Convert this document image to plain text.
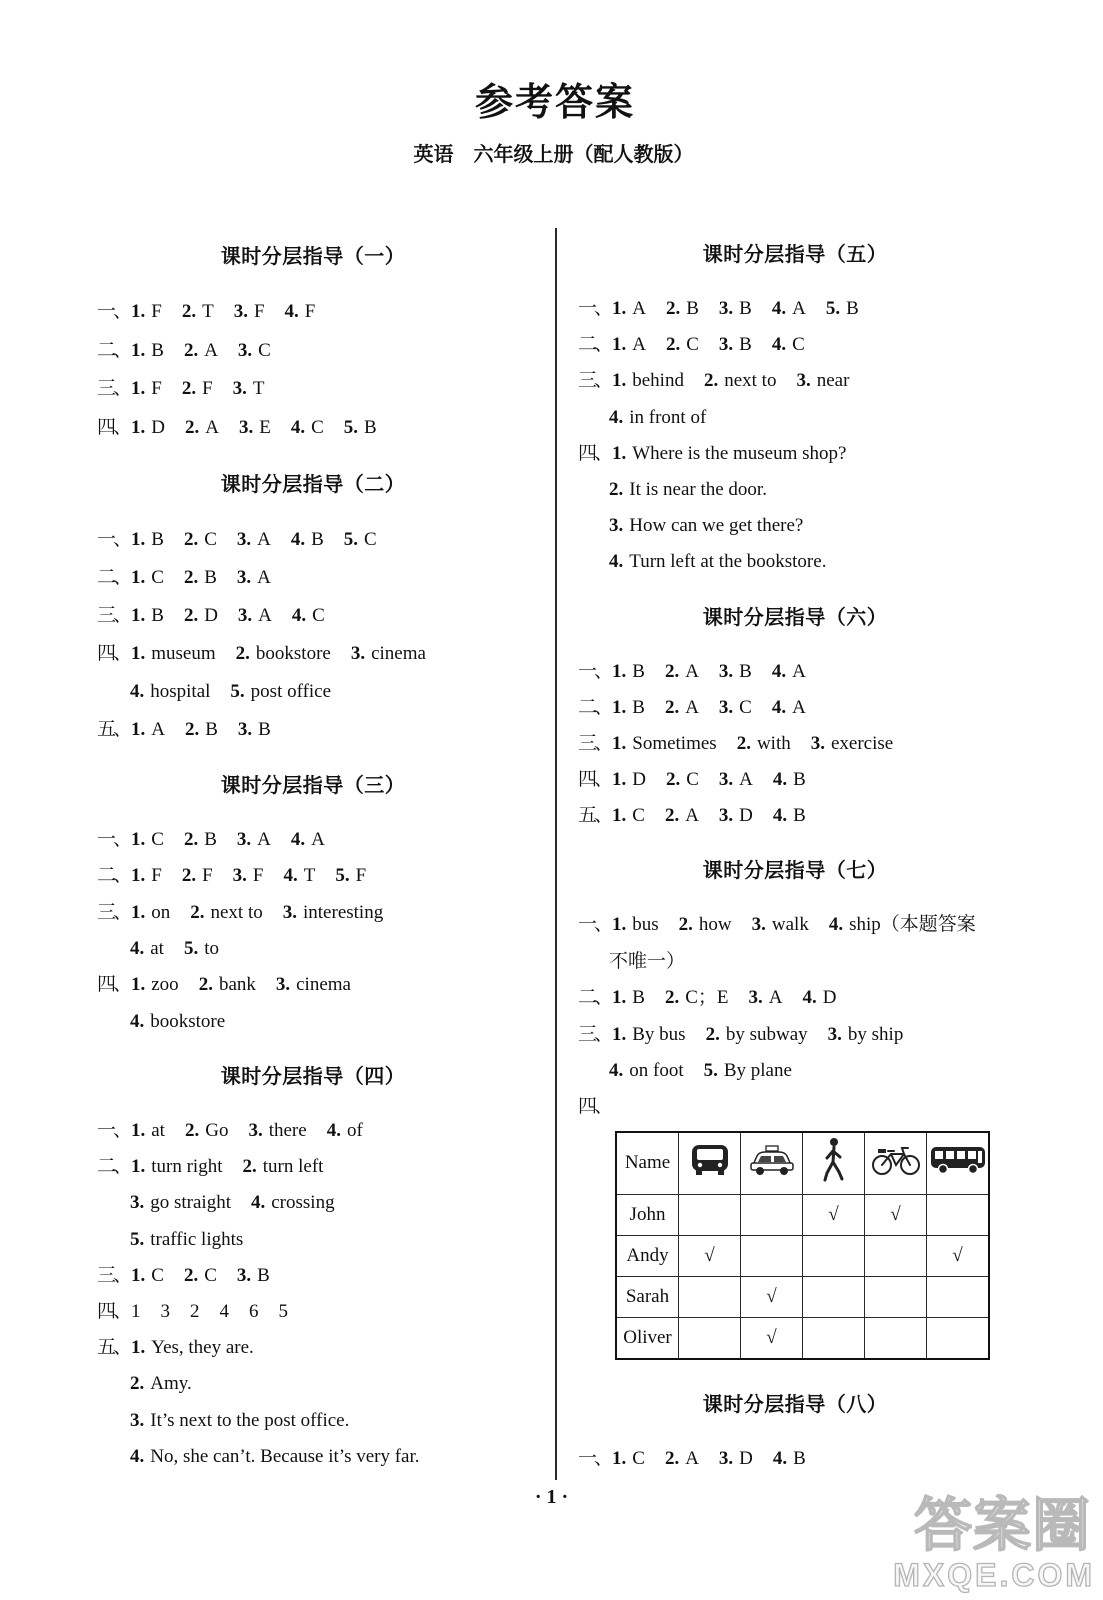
参考答案
英语　六年级上册（配人教版）
课时分层指导（一）
一、 1. F 2. T 3. F 4. F
二、 1. B 2. A 3. C
三、 1. F 2. F 3. T
四、 1. D 2. A 3. E 4. C 5. B
课时分层指导（二）
一、 1. B 2. C 3. A 4. B 5. C
二、 1. C 2. B 3. A
三、 1. B 2. D 3. A 4. C
四、 1. museum 2. bookstore 3. cinema
4. hospital 5. post office
五、 1. A 2. B 3. B
课时分层指导（三）
一、 1. C 2. B 3. A 4. A
二、 1. F 2. F 3. F 4. T 5. F
三、 1. on 2. next to 3. interesting
4. at 5. to
四、 1. zoo 2. bank 3. cinema
4. bookstore
课时分层指导（四）
一、 1. at 2. Go 3. there 4. of
二、 1. turn right 2. turn left
3. go straight 4. crossing
5. traffic lights
三、 1. C 2. C 3. B
四、 1 3 2 4 6 5
五、 1. Yes, they are.
2. Amy.
3. It’s next to the post office.
4. No, she can’t. Because it’s very far.
课时分层指导（五）
一、 1. A 2. B 3. B 4. A 5. B
二、 1. A 2. C 3. B 4. C
三、 1. behind 2. next to 3. near
4. in front of
四、 1. Where is the museum shop?
2. It is near the door.
3. How can we get there?
4. Turn left at the bookstore.
课时分层指导（六）
一、 1. B 2. A 3. B 4. A
二、 1. B 2. A 3. C 4. A
三、 1. Sometimes 2. with 3. exercise
四、 1. D 2. C 3. A 4. B
五、 1. C 2. A 3. D 4. B
课时分层指导（七）
一、 1. bus 2. how 3. walk 4. ship（本题答案
不唯一）
二、 1. B 2. C；E 3. A 4. D
三、 1. By bus 2. by subway 3. by ship
4. on foot 5. By plane
四、
Name					
John			√	√	
Andy	√				√
Sarah		√			
Oliver		√			
课时分层指导（八）
一、 1. C 2. A 3. D 4. B
· 1 ·	答案圈
MXQE.COM
